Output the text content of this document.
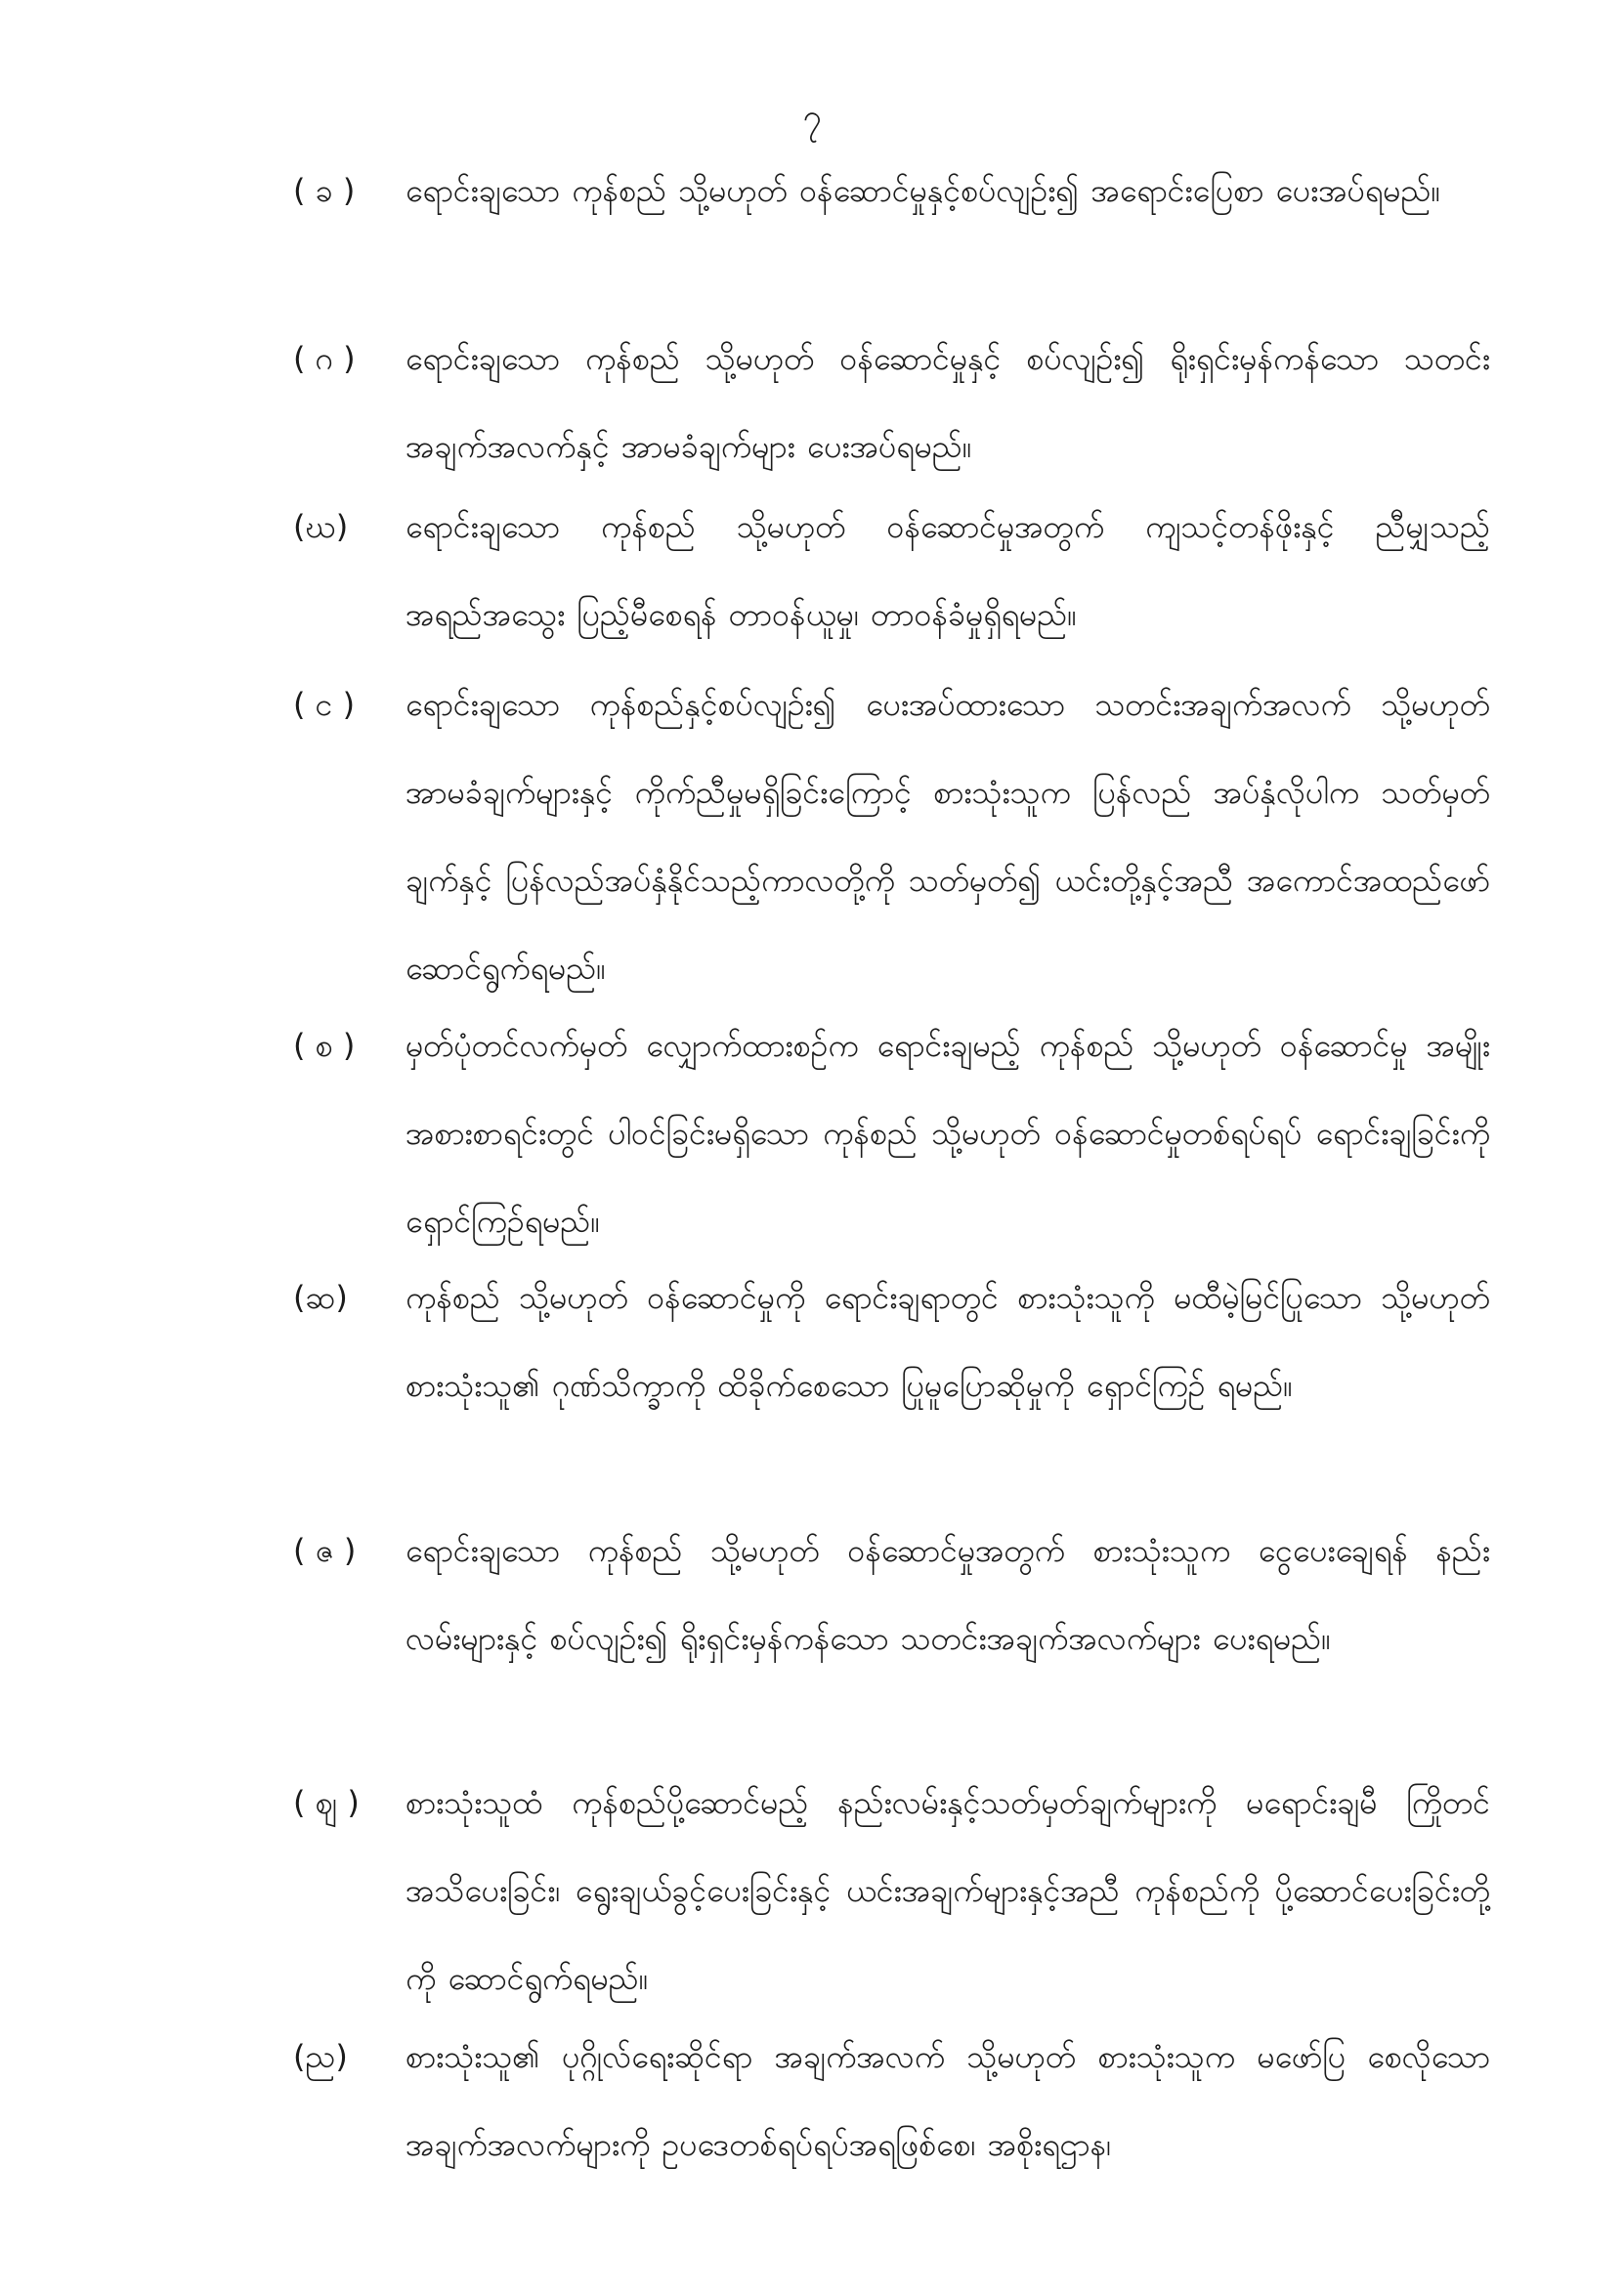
၇
( ခ )	ရောင်းချသော ကုန်စည် သို့မဟုတ် ဝန်ဆောင်မှုနှင့်စပ်လျဉ်း၍ အရောင်းပြေစာ ပေးအပ်ရမည်။
( ဂ )	ရောင်းချသော ကုန်စည် သို့မဟုတ် ဝန်ဆောင်မှုနှင့် စပ်လျဉ်း၍ ရိုးရှင်းမှန်ကန်သော သတင်းအချက်အလက်နှင့် အာမခံချက်များ ပေးအပ်ရမည်။
(ဃ)	ရောင်းချသော ကုန်စည် သို့မဟုတ် ဝန်ဆောင်မှုအတွက် ကျသင့်တန်ဖိုးနှင့် ညီမျှသည့် အရည်အသွေး ပြည့်မီစေရန် တာဝန်ယူမှု၊ တာဝန်ခံမှုရှိရမည်။
( င )	ရောင်းချသော ကုန်စည်နှင့်စပ်လျဉ်း၍ ပေးအပ်ထားသော သတင်းအချက်အလက် သို့မဟုတ် အာမခံချက်များနှင့် ကိုက်ညီမှုမရှိခြင်းကြောင့် စားသုံးသူက ပြန်လည် အပ်နှံလိုပါက သတ်မှတ်ချက်နှင့် ပြန်လည်အပ်နှံနိုင်သည့်ကာလတို့ကို သတ်မှတ်၍ ယင်းတို့နှင့်အညီ အကောင်အထည်ဖော်ဆောင်ရွက်ရမည်။
( စ )	မှတ်ပုံတင်လက်မှတ် လျှောက်ထားစဉ်က ရောင်းချမည့် ကုန်စည် သို့မဟုတ် ဝန်ဆောင်မှု အမျိုးအစားစာရင်းတွင် ပါဝင်ခြင်းမရှိသော ကုန်စည် သို့မဟုတ် ဝန်ဆောင်မှုတစ်ရပ်ရပ် ရောင်းချခြင်းကို ရှောင်ကြဉ်ရမည်။
(ဆ)	ကုန်စည် သို့မဟုတ် ဝန်ဆောင်မှုကို ရောင်းချရာတွင် စားသုံးသူကို မထီမဲ့မြင်ပြုသော သို့မဟုတ် စားသုံးသူ၏ ဂုဏ်သိက္ခာကို ထိခိုက်စေသော ပြုမူပြောဆိုမှုကို ရှောင်ကြဉ် ရမည်။
( ဇ )	ရောင်းချသော ကုန်စည် သို့မဟုတ် ဝန်ဆောင်မှုအတွက် စားသုံးသူက ငွေပေးချေရန် နည်းလမ်းများနှင့် စပ်လျဉ်း၍ ရိုးရှင်းမှန်ကန်သော သတင်းအချက်အလက်များ ပေးရမည်။
( ဈ )	စားသုံးသူထံ ကုန်စည်ပို့ဆောင်မည့် နည်းလမ်းနှင့်သတ်မှတ်ချက်များကို မရောင်းချမီ ကြိုတင်အသိပေးခြင်း၊ ရွေးချယ်ခွင့်ပေးခြင်းနှင့် ယင်းအချက်များနှင့်အညီ ကုန်စည်ကို ပို့ဆောင်ပေးခြင်းတို့ကို ဆောင်ရွက်ရမည်။
(ည)	စားသုံးသူ၏ ပုဂ္ဂိုလ်ရေးဆိုင်ရာ အချက်အလက် သို့မဟုတ် စားသုံးသူက မဖော်ပြ စေလိုသော အချက်အလက်များကို ဥပဒေတစ်ရပ်ရပ်အရဖြစ်စေ၊ အစိုးရဌာန၊
